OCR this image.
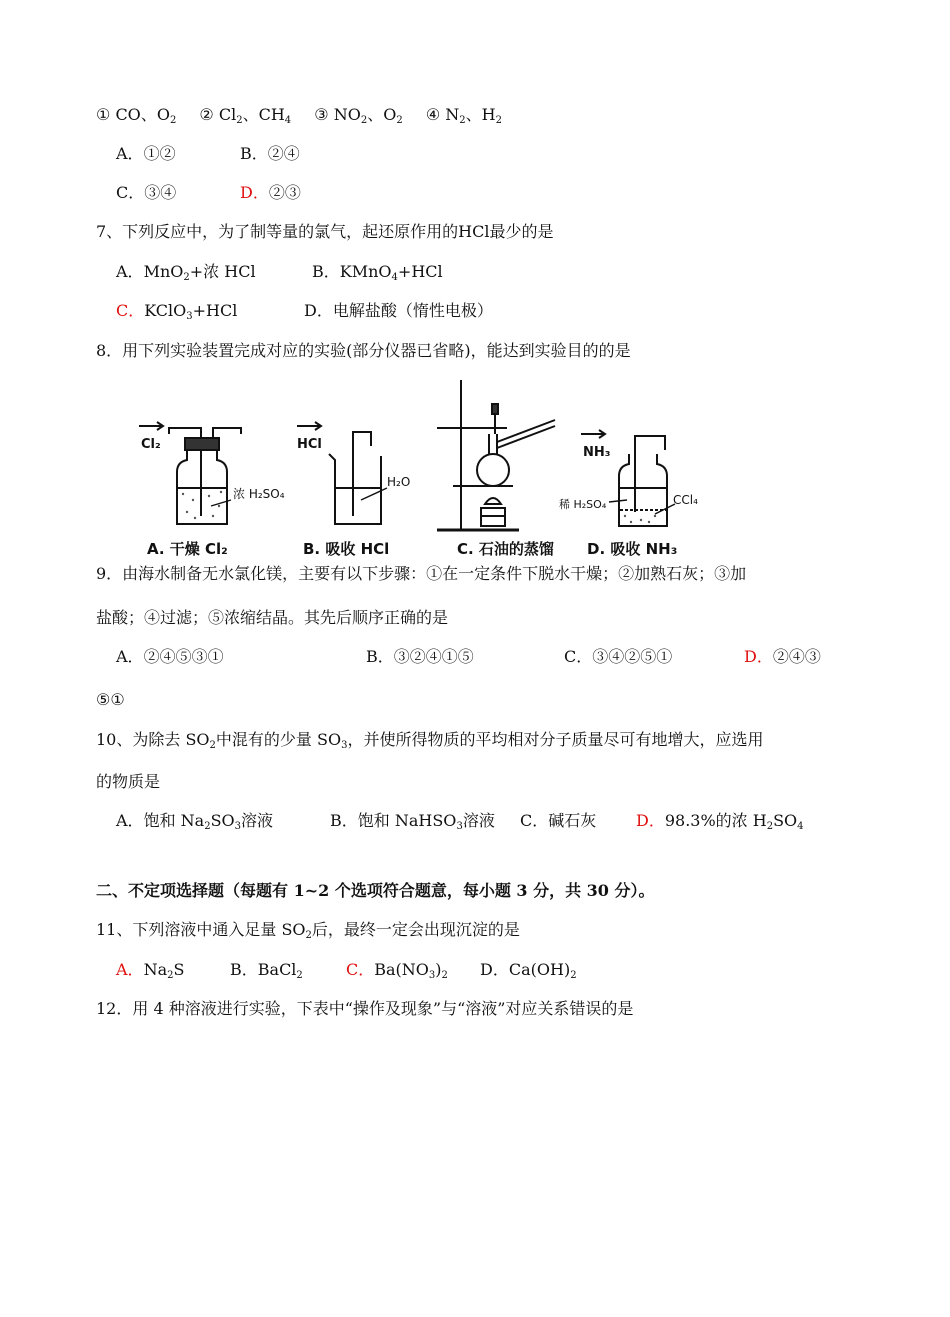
① CO、$O_2$ ② $Cl_2$、$CH_4$ ③ $NO_2$、$O_2$ ④ $N_2$、$H_2$
A．①②	B．②④
C．③④	D．②③
7、下列反应中，为了制等量的氯气，起还原作用的HCl最少的是
A．MnO$_2$+浓 HCl	B．KMnO$_4$+HCl
C．KClO$_3$+HCl	D．电解盐酸（惰性电极）
8．用下列实验装置完成对应的实验(部分仪器已省略)，能达到实验目的的是
Cl₂
浓 H₂SO₄
A. 干燥 Cl₂
HCl
H₂O
B. 吸收 HCl	C. 石油的蒸馏
NH₃
稀 H₂SO₄	CCl₄
D. 吸收 NH₃
9．由海水制备无水氯化镁，主要有以下步骤：①在一定条件下脱水干燥；②加熟石灰；③加
盐酸；④过滤；⑤浓缩结晶。其先后顺序正确的是
A．②④⑤③①	B．③②④①⑤	C．③④②⑤①	D．②④③
⑤①
10、为除去 $SO_2$中混有的少量 $SO_3$，并使所得物质的平均相对分子质量尽可有地增大，应选用
的物质是
A．饱和 $Na_2SO_3$溶液	B．饱和 NaHSO$_3$溶液 C．碱石灰 D．98.3%的浓 $H_2SO_4$
二、不定项选择题（每题有 1~2 个选项符合题意，每小题 3 分，共 30 分）。
11、下列溶液中通入足量 $SO_2$后，最终一定会出现沉淀的是
A．$Na_2S$	B．BaCl$_2$	C．$Ba(NO_3)_2$ D．$Ca(OH)_2$
12．用 4 种溶液进行实验，下表中“操作及现象”与“溶液”对应关系错误的是
